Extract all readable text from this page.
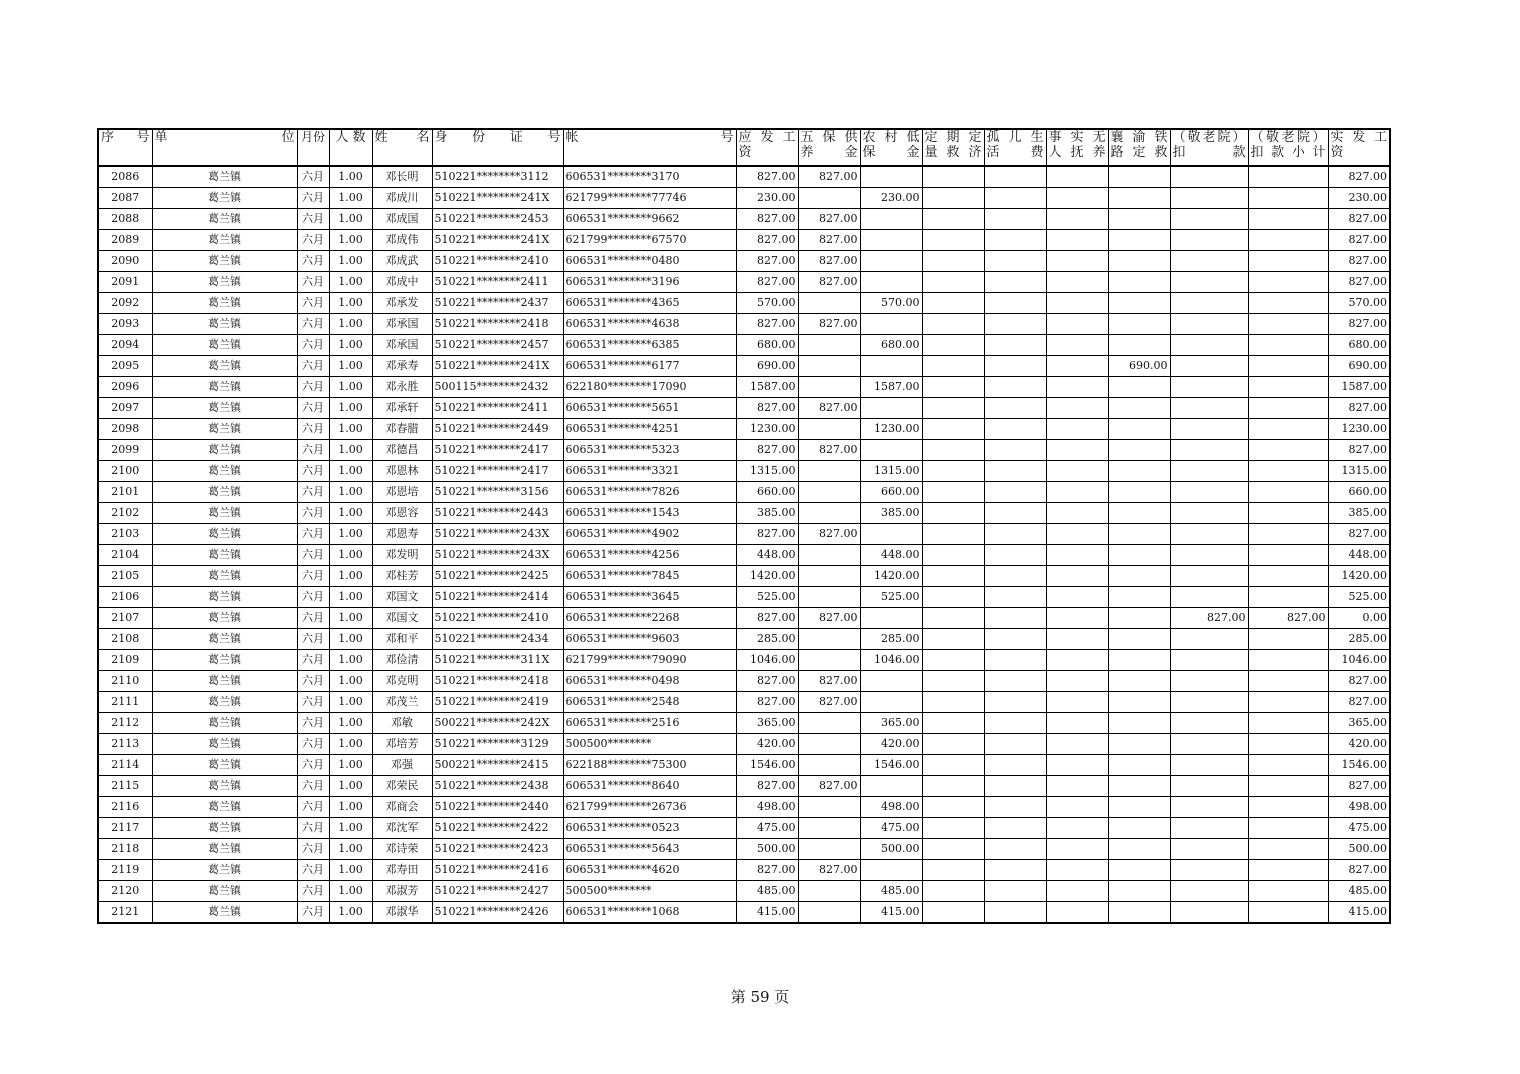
序 号	单 位	月份	人 数	姓 名	身 份 证 号	帐 号	应 发 工 资	五 保 供 养 金	农 村 低 保 金	定 期 定 量 救 济	孤 儿 生 活 费	事 实 无 人 抚 养	襄 渝 铁 路 定 救	（敬老院）扣 款	（敬老院）扣 款 小 计	实 发 工 资

2086	葛兰镇	六月	1.00	邓长明	510221********3112	606531********3170	827.00	827.00								827.00
2087	葛兰镇	六月	1.00	邓成川	510221********241X	621799********77746	230.00		230.00							230.00
2088	葛兰镇	六月	1.00	邓成国	510221********2453	606531********9662	827.00	827.00								827.00
2089	葛兰镇	六月	1.00	邓成伟	510221********241X	621799********67570	827.00	827.00								827.00
2090	葛兰镇	六月	1.00	邓成武	510221********2410	606531********0480	827.00	827.00								827.00
2091	葛兰镇	六月	1.00	邓成中	510221********2411	606531********3196	827.00	827.00								827.00
2092	葛兰镇	六月	1.00	邓承发	510221********2437	606531********4365	570.00		570.00							570.00
2093	葛兰镇	六月	1.00	邓承国	510221********2418	606531********4638	827.00	827.00								827.00
2094	葛兰镇	六月	1.00	邓承国	510221********2457	606531********6385	680.00		680.00							680.00
2095	葛兰镇	六月	1.00	邓承寿	510221********241X	606531********6177	690.00						690.00			690.00
2096	葛兰镇	六月	1.00	邓永胜	500115********2432	622180********17090	1587.00		1587.00							1587.00
2097	葛兰镇	六月	1.00	邓承轩	510221********2411	606531********5651	827.00	827.00								827.00
2098	葛兰镇	六月	1.00	邓春腊	510221********2449	606531********4251	1230.00		1230.00							1230.00
2099	葛兰镇	六月	1.00	邓德昌	510221********2417	606531********5323	827.00	827.00								827.00
2100	葛兰镇	六月	1.00	邓恩林	510221********2417	606531********3321	1315.00		1315.00							1315.00
2101	葛兰镇	六月	1.00	邓恩培	510221********3156	606531********7826	660.00		660.00							660.00
2102	葛兰镇	六月	1.00	邓恩容	510221********2443	606531********1543	385.00		385.00							385.00
2103	葛兰镇	六月	1.00	邓恩寿	510221********243X	606531********4902	827.00	827.00								827.00
2104	葛兰镇	六月	1.00	邓发明	510221********243X	606531********4256	448.00		448.00							448.00
2105	葛兰镇	六月	1.00	邓桂芳	510221********2425	606531********7845	1420.00		1420.00							1420.00
2106	葛兰镇	六月	1.00	邓国文	510221********2414	606531********3645	525.00		525.00							525.00
2107	葛兰镇	六月	1.00	邓国文	510221********2410	606531********2268	827.00	827.00						827.00	827.00	0.00
2108	葛兰镇	六月	1.00	邓和平	510221********2434	606531********9603	285.00		285.00							285.00
2109	葛兰镇	六月	1.00	邓俭清	510221********311X	621799********79090	1046.00		1046.00							1046.00
2110	葛兰镇	六月	1.00	邓克明	510221********2418	606531********0498	827.00	827.00								827.00
2111	葛兰镇	六月	1.00	邓茂兰	510221********2419	606531********2548	827.00	827.00								827.00
2112	葛兰镇	六月	1.00	邓敏	500221********242X	606531********2516	365.00		365.00							365.00
2113	葛兰镇	六月	1.00	邓培芳	510221********3129	500500********	420.00		420.00							420.00
2114	葛兰镇	六月	1.00	邓强	500221********2415	622188********75300	1546.00		1546.00							1546.00
2115	葛兰镇	六月	1.00	邓荣民	510221********2438	606531********8640	827.00	827.00								827.00
2116	葛兰镇	六月	1.00	邓商会	510221********2440	621799********26736	498.00		498.00							498.00
2117	葛兰镇	六月	1.00	邓沈军	510221********2422	606531********0523	475.00		475.00							475.00
2118	葛兰镇	六月	1.00	邓诗荣	510221********2423	606531********5643	500.00		500.00							500.00
2119	葛兰镇	六月	1.00	邓寿田	510221********2416	606531********4620	827.00	827.00								827.00
2120	葛兰镇	六月	1.00	邓淑芳	510221********2427	500500********	485.00		485.00							485.00
2121	葛兰镇	六月	1.00	邓淑华	510221********2426	606531********1068	415.00		415.00							415.00
第 59 页
